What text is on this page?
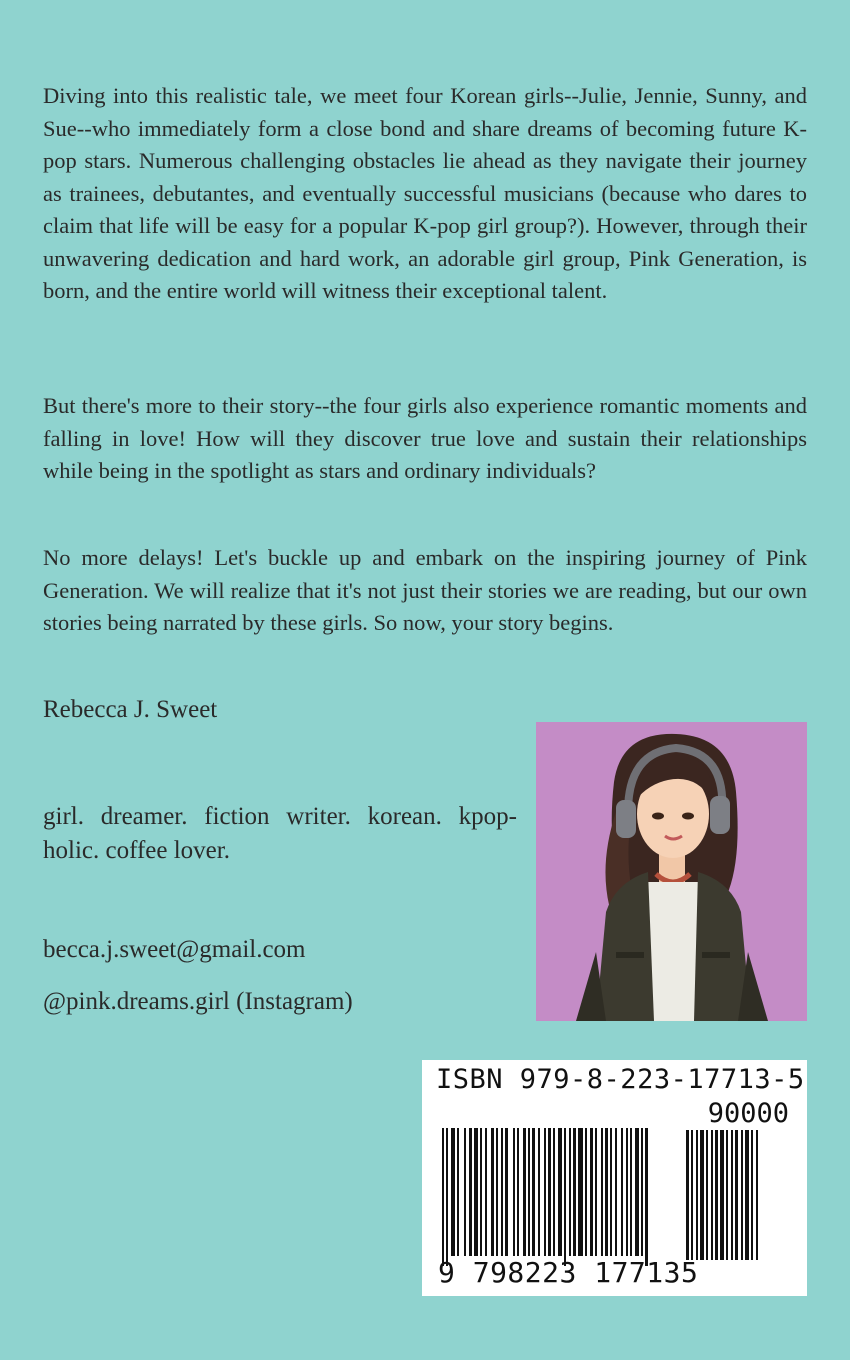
Diving into this realistic tale, we meet four Korean girls--Julie, Jennie, Sunny, and Sue--who immediately form a close bond and share dreams of becoming future K-pop stars. Numerous challenging obstacles lie ahead as they navigate their journey as trainees, debutantes, and eventually successful musicians (because who dares to claim that life will be easy for a popular K-pop girl group?). However, through their unwavering dedication and hard work, an adorable girl group, Pink Generation, is born, and the entire world will witness their exceptional talent.

But there's more to their story--the four girls also experience romantic moments and falling in love! How will they discover true love and sustain their relationships while being in the spotlight as stars and ordinary individuals?

No more delays! Let's buckle up and embark on the inspiring journey of Pink Generation. We will realize that it's not just their stories we are reading, but our own stories being narrated by these girls. So now, your story begins.

Rebecca J. Sweet

girl. dreamer. fiction writer. korean. kpop-holic. coffee lover.

becca.j.sweet@gmail.com

@pink.dreams.girl (Instagram)

ISBN 979-8-223-17713-5
90000
9 798223 177135
